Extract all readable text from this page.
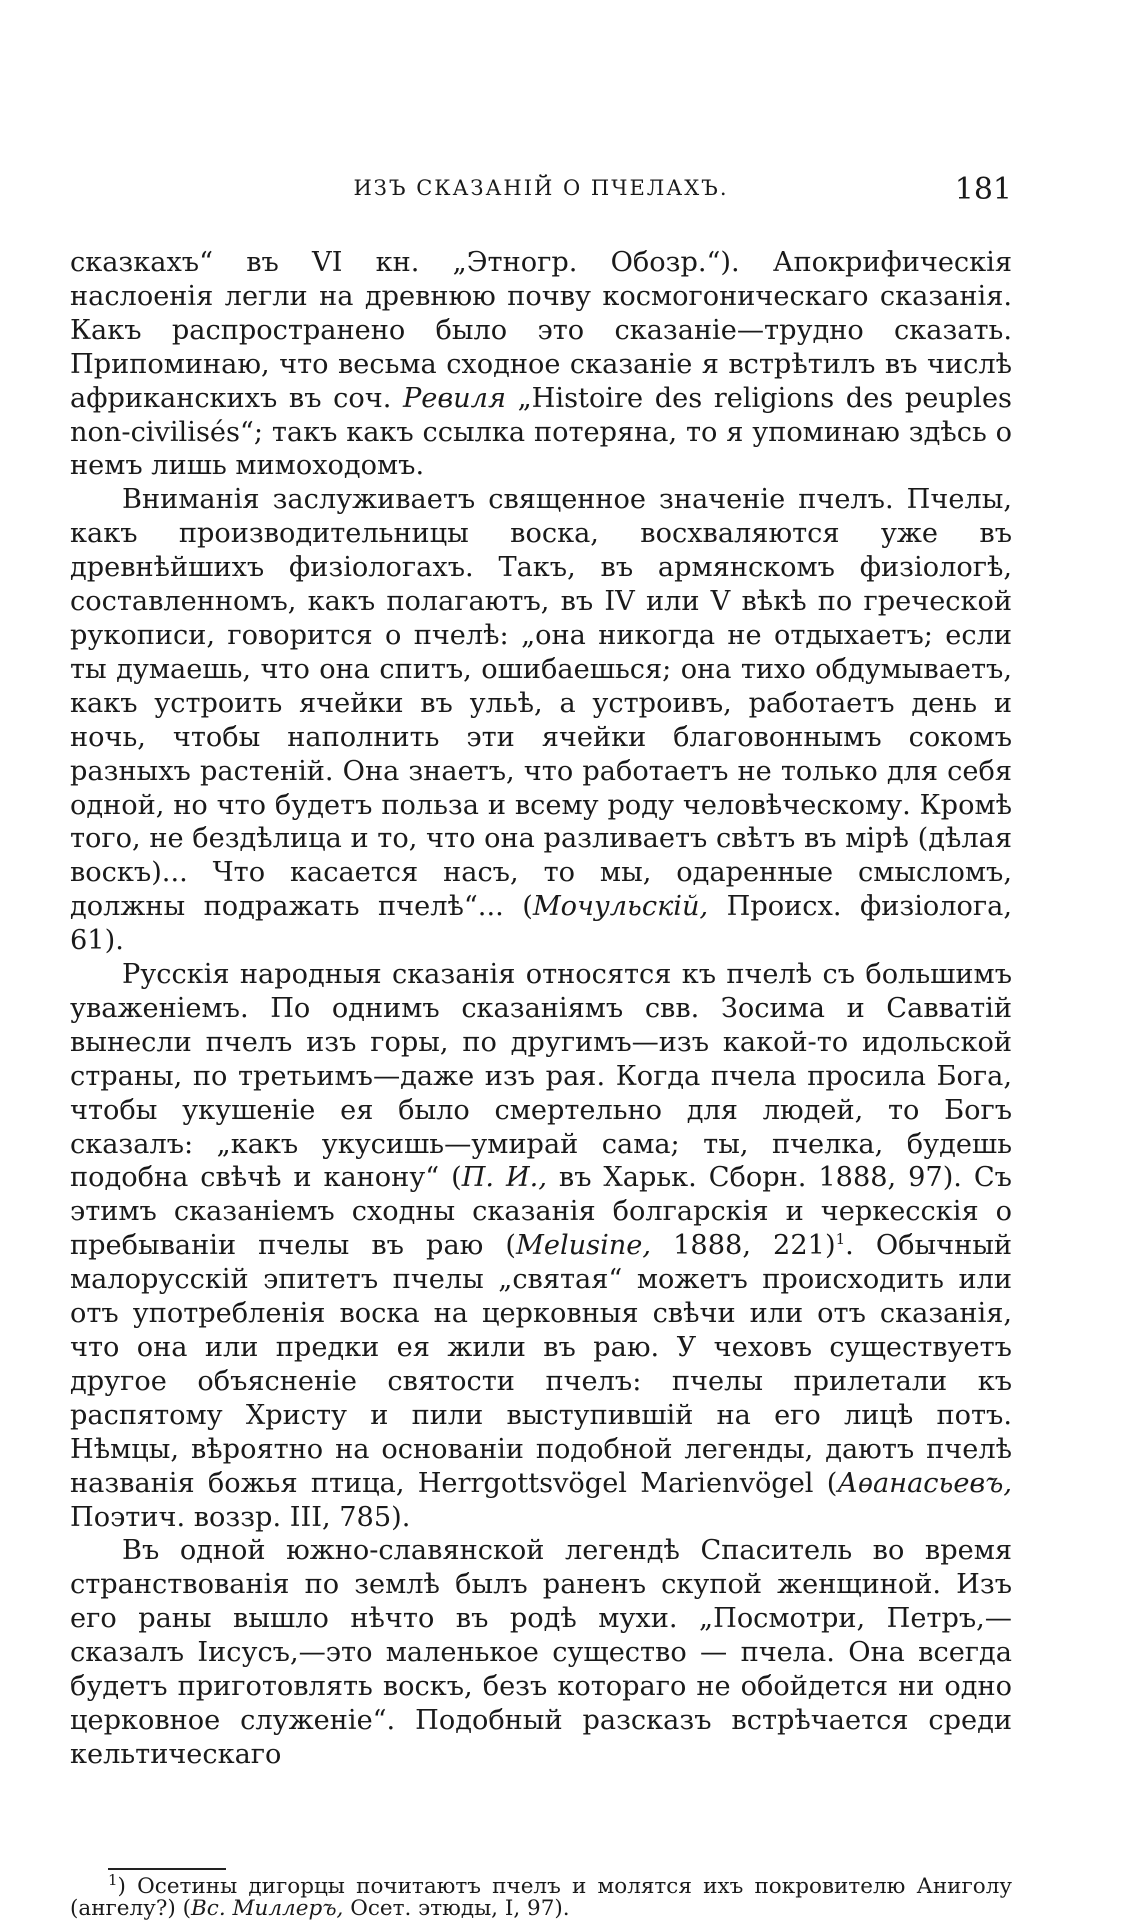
ИЗЪ СКАЗАНІЙ О ПЧЕЛАХЪ.	181

сказкахъ“ въ VI кн. „Этногр. Обозр.“). Апокрифическія наслоенія легли на древнюю почву космогоническаго сказанія. Какъ распространено было это сказаніе—трудно сказать. Припоминаю, что весьма сходное сказаніе я встрѣтилъ въ числѣ африканскихъ въ соч. Ревиля „Histoire des religions des peuples non-civilisés“; такъ какъ ссылка потеряна, то я упоминаю здѣсь о немъ лишь мимоходомъ.

Вниманія заслуживаетъ священное значеніе пчелъ. Пчелы, какъ производительницы воска, восхваляются уже въ древнѣйшихъ физіологахъ. Такъ, въ армянскомъ физіологѣ, составленномъ, какъ полагаютъ, въ IV или V вѣкѣ по греческой рукописи, говорится о пчелѣ: „она никогда не отдыхаетъ; если ты думаешь, что она спитъ, ошибаешься; она тихо обдумываетъ, какъ устроить ячейки въ ульѣ, а устроивъ, работаетъ день и ночь, чтобы наполнить эти ячейки благовоннымъ сокомъ разныхъ растеній. Она знаетъ, что работаетъ не только для себя одной, но что будетъ польза и всему роду человѣческому. Кромѣ того, не бездѣлица и то, что она разливаетъ свѣтъ въ мірѣ (дѣлая воскъ)... Что касается насъ, то мы, одаренные смысломъ, должны подражать пчелѣ“... (Мочульскій, Происх. физіолога, 61).

Русскія народныя сказанія относятся къ пчелѣ съ большимъ уваженіемъ. По однимъ сказаніямъ свв. Зосима и Савватій вынесли пчелъ изъ горы, по другимъ—изъ какой-то идольской страны, по третьимъ—даже изъ рая. Когда пчела просила Бога, чтобы укушеніе ея было смертельно для людей, то Богъ сказалъ: „какъ укусишь—умирай сама; ты, пчелка, будешь подобна свѣчѣ и канону“ (П. И., въ Харьк. Сборн. 1888, 97). Съ этимъ сказаніемъ сходны сказанія болгарскія и черкесскія о пребываніи пчелы въ раю (Melusine, 1888, 221)$^1$. Обычный малорусскій эпитетъ пчелы „святая“ можетъ происходить или отъ употребленія воска на церковныя свѣчи или отъ сказанія, что она или предки ея жили въ раю. У чеховъ существуетъ другое объясненіе святости пчелъ: пчелы прилетали къ распятому Христу и пили выступившій на его лицѣ потъ. Нѣмцы, вѣроятно на основаніи подобной легенды, даютъ пчелѣ названія божья птица, Herrgottsvögel Marienvögel (Аѳанасьевъ, Поэтич. воззр. III, 785).

Въ одной южно-славянской легендѣ Спаситель во время странствованія по землѣ былъ раненъ скупой женщиной. Изъ его раны вышло нѣчто въ родѣ мухи. „Посмотри, Петръ,—сказалъ Іисусъ,—это маленькое существо — пчела. Она всегда будетъ приготовлять воскъ, безъ котораго не обойдется ни одно церковное служеніе“. Подобный разсказъ встрѣчается среди кельтическаго

$^1$) Осетины дигорцы почитаютъ пчелъ и молятся ихъ покровителю Аниголу (ангелу?) (Вс. Миллеръ, Осет. этюды, I, 97).
